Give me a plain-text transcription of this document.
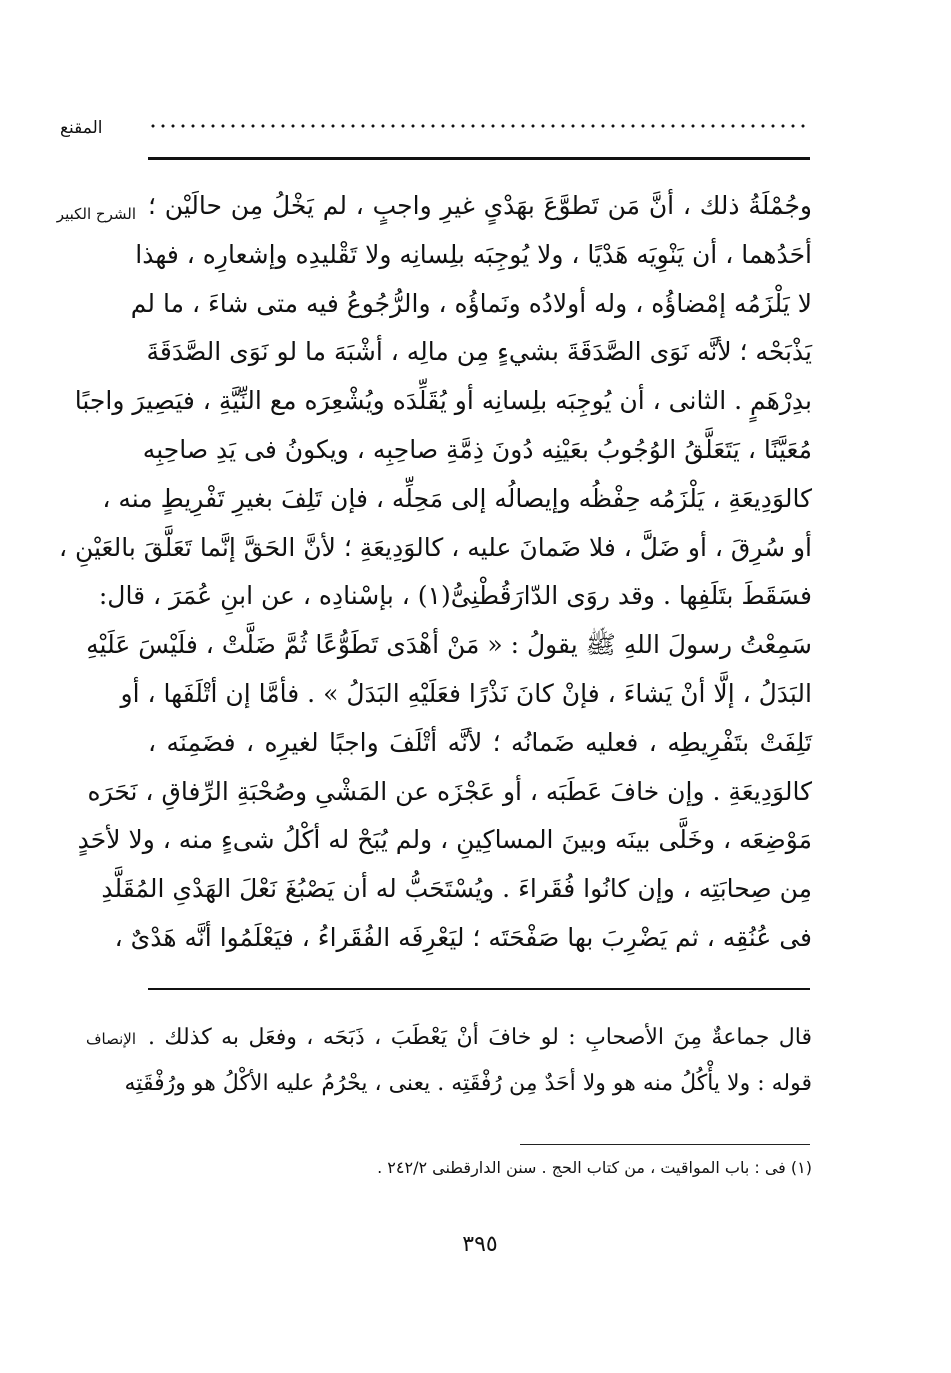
المقنع
الشرح الكبير وجُمْلَةُ ذلك ، أنَّ مَن تَطوَّعَ بهَدْىٍ غيرِ واجبٍ ، لم يَخْلُ مِن حالَيْن ؛
أحَدُهما ، أن يَنْوِيَه هَدْيًا ، ولا يُوجِبَه بلِسانِه ولا تَقْليدِه وإشعارِه ، فهذا
لا يَلْزَمُه إمْضاؤُه ، وله أولادُه ونَماؤُه ، والرُّجُوعُ فيه متى شاءَ ، ما لم
يَذْبَحْه ؛ لأنَّه نَوَى الصَّدَقَةَ بشيءٍ مِن مالِه ، أشْبَهَ ما لو نَوَى الصَّدَقَةَ
بدِرْهَمٍ . الثانى ، أن يُوجِبَه بلِسانِه أو يُقَلِّدَه ويُشْعِرَه مع النِّيَّةِ ، فيَصِيرَ واجبًا
مُعَيَّنًا ، يَتَعَلَّقُ الوُجُوبُ بعَيْنِه دُونَ ذِمَّةِ صاحِبِه ، ويكونُ فى يَدِ صاحِبِه
كالوَدِيعَةِ ، يَلْزَمُه حِفْظُه وإيصالُه إلى مَحِلِّه ، فإن تَلِفَ بغيرِ تَفْرِيطٍ منه ،
أو سُرِقَ ، أو ضَلَّ ، فلا ضَمانَ عليه ، كالوَدِيعَةِ ؛ لأنَّ الحَقَّ إنَّما تَعَلَّقَ بالعَيْنِ ،
فسَقَطَ بتَلَفِها . وقد روَى الدّارَقُطْنِىُّ(١) ، بإسْنادِه ، عن ابنِ عُمَرَ ، قال:
سَمِعْتُ رسولَ اللهِ ﷺ يقولُ : « مَنْ أهْدَى تَطَوُّعًا ثُمَّ ضَلَّتْ ، فلَيْسَ عَلَيْهِ
البَدَلُ ، إلَّا أنْ يَشاءَ ، فإنْ كانَ نَذْرًا فعَلَيْهِ البَدَلُ » . فأمَّا إن أتْلَفَها ، أو
تَلِفَتْ بتَفْرِيطِه ، فعليه ضَمانُه ؛ لأنَّه أتْلَفَ واجبًا لغيرِه ، فضَمِنَه ،
كالوَدِيعَةِ . وإن خافَ عَطَبَه ، أو عَجْزَه عن المَشْىِ وصُحْبَةِ الرِّفاقِ ، نَحَرَه
مَوْضِعَه ، وخَلَّى بينَه وبينَ المساكِينِ ، ولم يُبَحْ له أكْلُ شىءٍ منه ، ولا لأحَدٍ
مِن صِحابَتِه ، وإن كانُوا فُقَراءَ . ويُسْتَحَبُّ له أن يَصْبُغَ نَعْلَ الهَدْىِ المُقَلَّدِ
فى عُنُقِه ، ثم يَضْرِبَ بها صَفْحَتَه ؛ ليَعْرِفَه الفُقَراءُ ، فيَعْلَمُوا أنَّه هَدْىٌ ،
الإنصاف قال جماعةٌ مِنَ الأصحابِ : لو خافَ أنْ يَعْطَبَ ، ذَبَحَه ، وفعَل به كذلك .
قوله : ولا يأْكُلُ منه هو ولا أحَدٌ مِن رُفْقَتِه . يعنى ، يحْرُمُ عليه الأكْلُ هو ورُفْقَتِه
(١) فى : باب المواقيت ، من كتاب الحج . سنن الدارقطنى ٢٤٢/٢ .
٣٩٥
